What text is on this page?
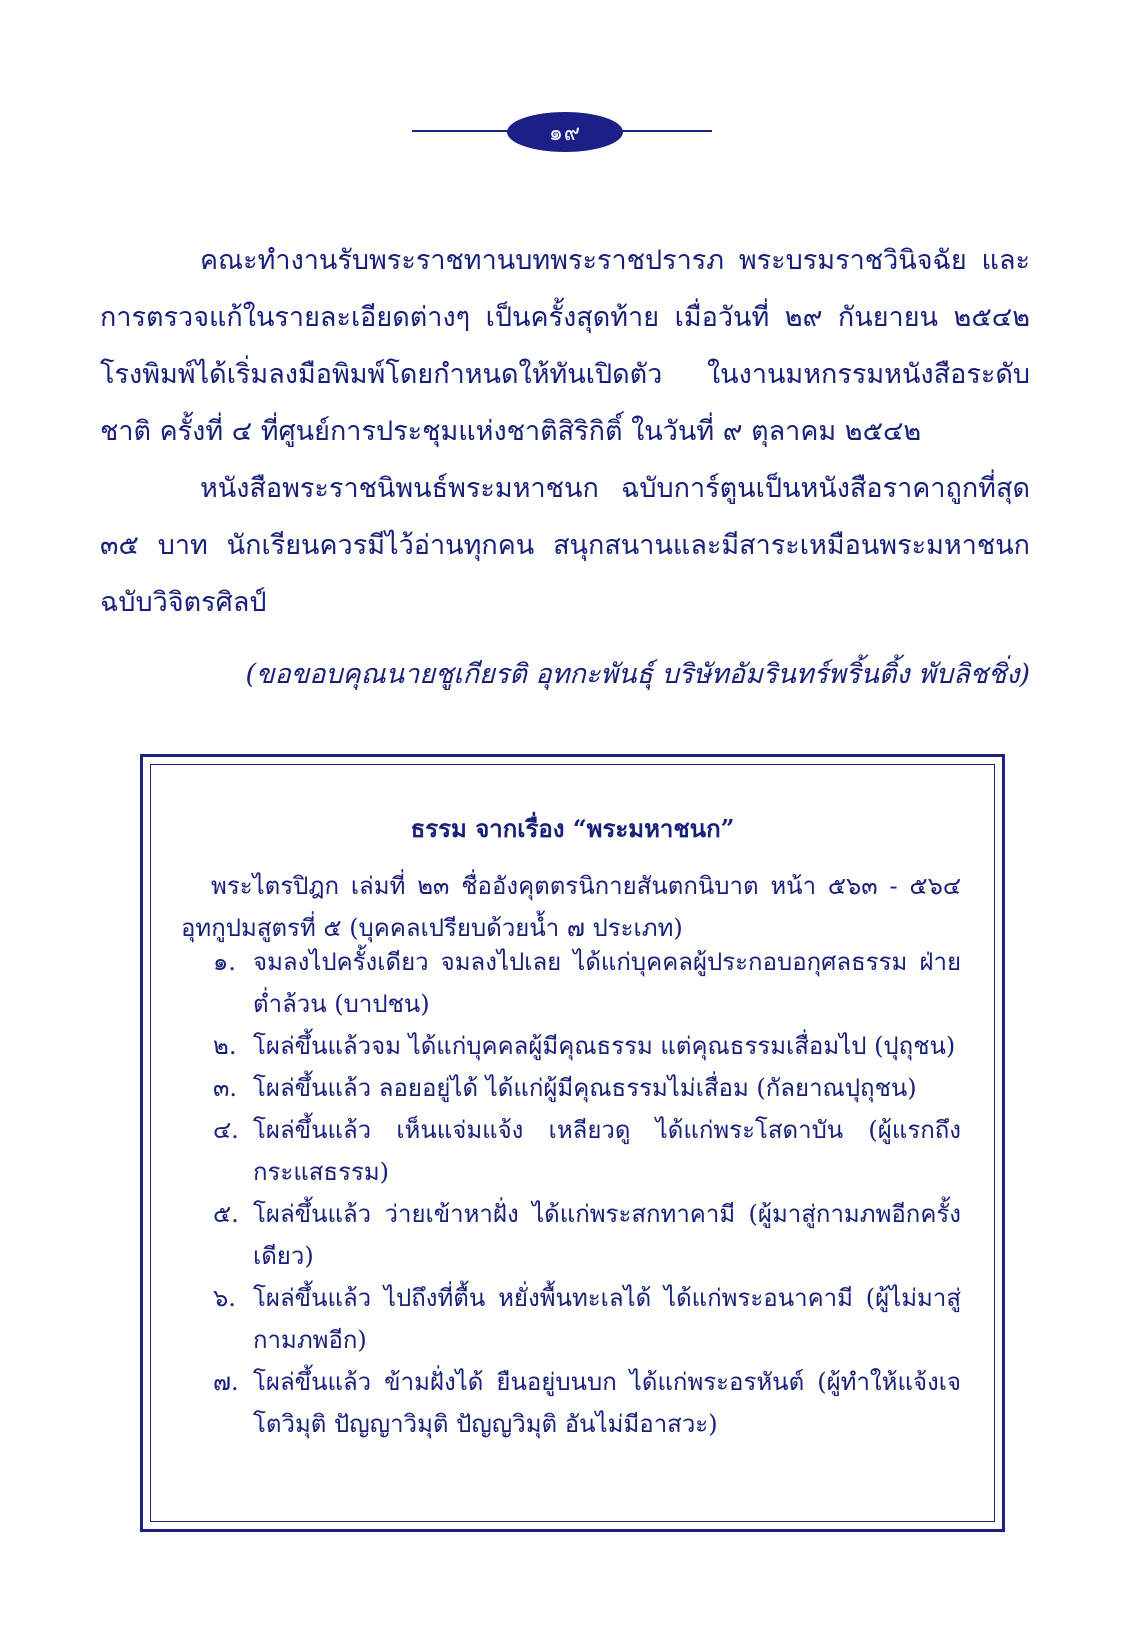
๑๙

คณะทำงานรับพระราชทานบทพระราชปรารภ พระบรมราชวินิจฉัย และการตรวจแก้ในรายละเอียดต่างๆ เป็นครั้งสุดท้าย เมื่อวันที่ ๒๙ กันยายน ๒๕๔๒ โรงพิมพ์ได้เริ่มลงมือพิมพ์โดยกำหนดให้ทันเปิดตัว ในงานมหกรรมหนังสือระดับชาติ ครั้งที่ ๔ ที่ศูนย์การประชุมแห่งชาติสิริกิติ์ ในวันที่ ๙ ตุลาคม ๒๕๔๒

หนังสือพระราชนิพนธ์พระมหาชนก ฉบับการ์ตูนเป็นหนังสือราคาถูกที่สุด ๓๕ บาท นักเรียนควรมีไว้อ่านทุกคน สนุกสนานและมีสาระเหมือนพระมหาชนก ฉบับวิจิตรศิลป์

(ขอขอบคุณนายชูเกียรติ อุทกะพันธุ์ บริษัทอัมรินทร์พริ้นติ้ง พับลิชชิ่ง)
ธรรม จากเรื่อง “พระมหาชนก”

พระไตรปิฎก เล่มที่ ๒๓ ชื่ออังคุตตรนิกายสันตกนิบาต หน้า ๕๖๓ - ๕๖๔

อุทกูปมสูตรที่ ๕ (บุคคลเปรียบด้วยน้ำ ๗ ประเภท)

๑. จมลงไปครั้งเดียว จมลงไปเลย ได้แก่บุคคลผู้ประกอบอกุศลธรรม ฝ่ายต่ำล้วน (บาปชน)
๒. โผล่ขึ้นแล้วจม ได้แก่บุคคลผู้มีคุณธรรม แต่คุณธรรมเสื่อมไป (ปุถุชน)
๓. โผล่ขึ้นแล้ว ลอยอยู่ได้ ได้แก่ผู้มีคุณธรรมไม่เสื่อม (กัลยาณปุถุชน)
๔. โผล่ขึ้นแล้ว เห็นแจ่มแจ้ง เหลียวดู ได้แก่พระโสดาบัน (ผู้แรกถึงกระแสธรรม)
๕. โผล่ขึ้นแล้ว ว่ายเข้าหาฝั่ง ได้แก่พระสกทาคามี (ผู้มาสู่กามภพอีกครั้งเดียว)
๖. โผล่ขึ้นแล้ว ไปถึงที่ตื้น หยั่งพื้นทะเลได้ ได้แก่พระอนาคามี (ผู้ไม่มาสู่กามภพอีก)
๗. โผล่ขึ้นแล้ว ข้ามฝั่งได้ ยืนอยู่บนบก ได้แก่พระอรหันต์ (ผู้ทำให้แจ้งเจโตวิมุติ ปัญญาวิมุติ ปัญญวิมุติ อันไม่มีอาสวะ)
